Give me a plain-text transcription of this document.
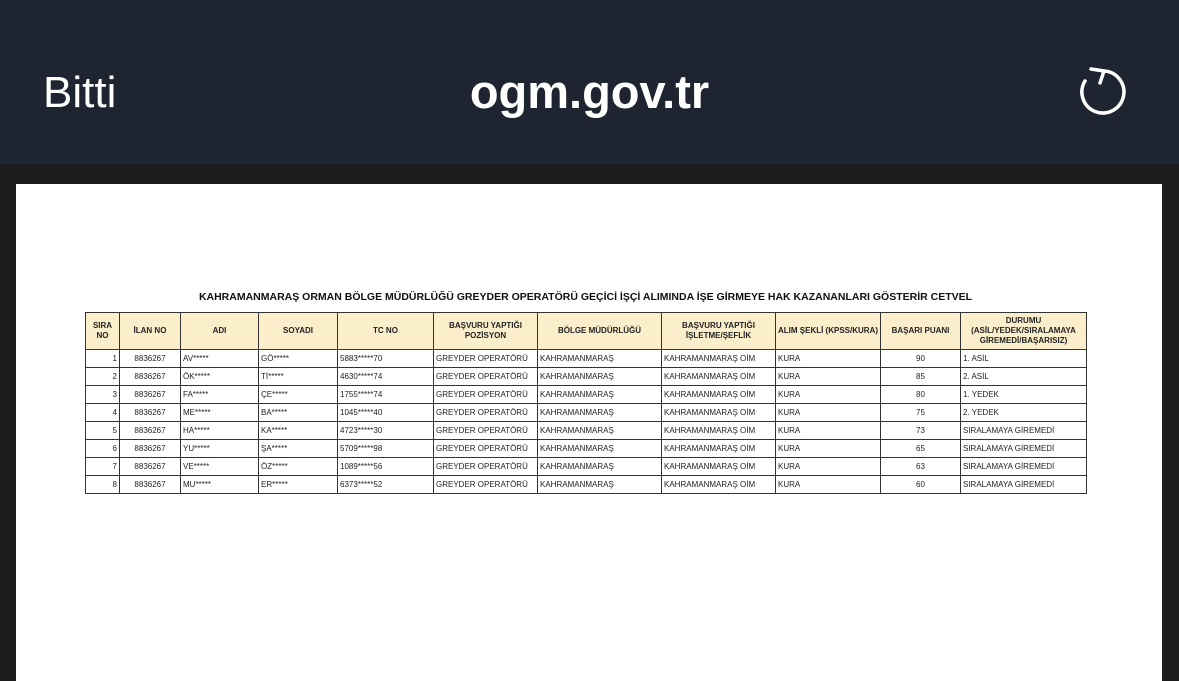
Bitti	ogm.gov.tr
KAHRAMANMARAŞ ORMAN BÖLGE MÜDÜRLÜĞÜ GREYDER OPERATÖRÜ GEÇİCİ İŞÇİ ALIMINDA İŞE GİRMEYE HAK KAZANANLARI GÖSTERİR CETVEL
SIRA NO	İLAN NO	ADI	SOYADI	TC NO	BAŞVURU YAPTIĞI POZİSYON	BÖLGE MÜDÜRLÜĞÜ	BAŞVURU YAPTIĞI İŞLETME/ŞEFLİK	ALIM ŞEKLİ (KPSS/KURA)	BAŞARI PUANI	DURUMU (ASİL/YEDEK/SIRALAMAYA GİREMEDİ/BAŞARISIZ)
1	8836267	AV*****	GÖ*****	5883*****70	GREYDER OPERATÖRÜ	KAHRAMANMARAŞ	KAHRAMANMARAŞ OİM	KURA	90	1. ASİL
2	8836267	ÖK*****	Tİ*****	4630*****74	GREYDER OPERATÖRÜ	KAHRAMANMARAŞ	KAHRAMANMARAŞ OİM	KURA	85	2. ASİL
3	8836267	FA*****	ÇE*****	1755*****74	GREYDER OPERATÖRÜ	KAHRAMANMARAŞ	KAHRAMANMARAŞ OİM	KURA	80	1. YEDEK
4	8836267	ME*****	BA*****	1045*****40	GREYDER OPERATÖRÜ	KAHRAMANMARAŞ	KAHRAMANMARAŞ OİM	KURA	75	2. YEDEK
5	8836267	HA*****	KA*****	4723*****30	GREYDER OPERATÖRÜ	KAHRAMANMARAŞ	KAHRAMANMARAŞ OİM	KURA	73	SIRALAMAYA GİREMEDİ
6	8836267	YU*****	ŞA*****	5709*****98	GREYDER OPERATÖRÜ	KAHRAMANMARAŞ	KAHRAMANMARAŞ OİM	KURA	65	SIRALAMAYA GİREMEDİ
7	8836267	VE*****	ÖZ*****	1089*****56	GREYDER OPERATÖRÜ	KAHRAMANMARAŞ	KAHRAMANMARAŞ OİM	KURA	63	SIRALAMAYA GİREMEDİ
8	8836267	MU*****	ER*****	6373*****52	GREYDER OPERATÖRÜ	KAHRAMANMARAŞ	KAHRAMANMARAŞ OİM	KURA	60	SIRALAMAYA GİREMEDİ
